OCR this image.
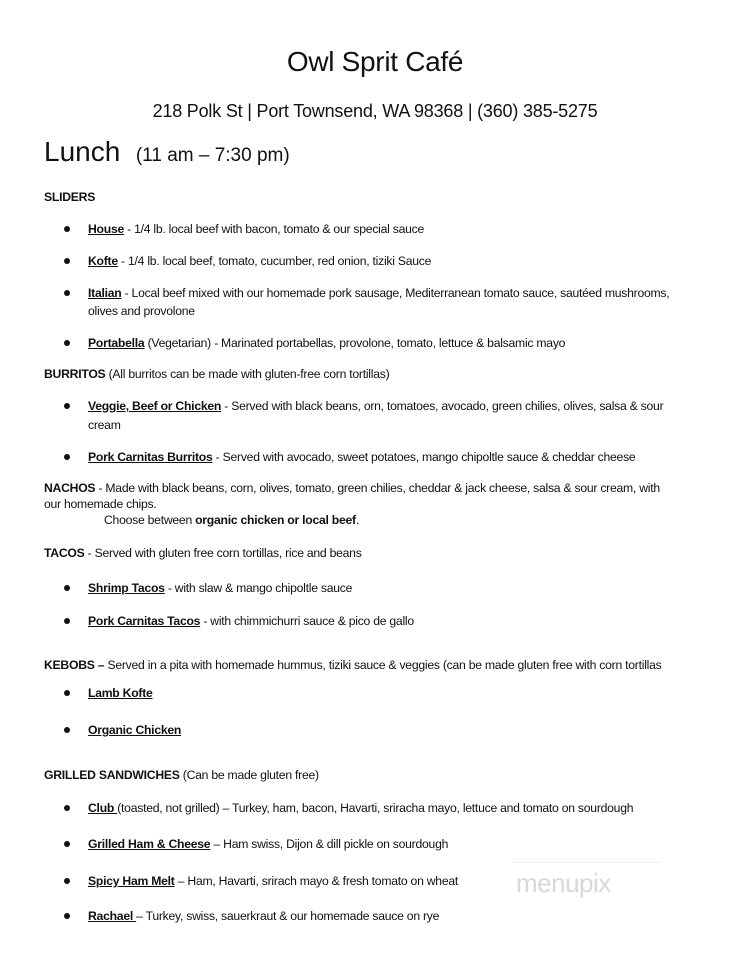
Owl Sprit Café
218 Polk St | Port Townsend, WA 98368 | (360) 385-5275
Lunch (11 am – 7:30 pm)
SLIDERS
House - 1/4 lb. local beef with bacon, tomato & our special sauce
Kofte - 1/4 lb. local beef, tomato, cucumber, red onion, tiziki Sauce
Italian - Local beef mixed with our homemade pork sausage, Mediterranean tomato sauce, sautéed mushrooms,
olives and provolone
Portabella (Vegetarian) - Marinated portabellas, provolone, tomato, lettuce & balsamic mayo
BURRITOS (All burritos can be made with gluten-free corn tortillas)
Veggie, Beef or Chicken - Served with black beans, orn, tomatoes, avocado, green chilies, olives, salsa & sour
cream
Pork Carnitas Burritos - Served with avocado, sweet potatoes, mango chipoltle sauce & cheddar cheese
NACHOS - Made with black beans, corn, olives, tomato, green chilies, cheddar & jack cheese, salsa & sour cream, with
our homemade chips.
Choose between organic chicken or local beef.
TACOS - Served with gluten free corn tortillas, rice and beans
Shrimp Tacos - with slaw & mango chipoltle sauce
Pork Carnitas Tacos - with chimmichurri sauce & pico de gallo
KEBOBS – Served in a pita with homemade hummus, tiziki sauce & veggies (can be made gluten free with corn tortillas
Lamb Kofte
Organic Chicken
GRILLED SANDWICHES (Can be made gluten free)
Club (toasted, not grilled) – Turkey, ham, bacon, Havarti, sriracha mayo, lettuce and tomato on sourdough
Grilled Ham & Cheese – Ham swiss, Dijon & dill pickle on sourdough
Spicy Ham Melt – Ham, Havarti, srirach mayo & fresh tomato on wheat
Rachael – Turkey, swiss, sauerkraut & our homemade sauce on rye
menupix
